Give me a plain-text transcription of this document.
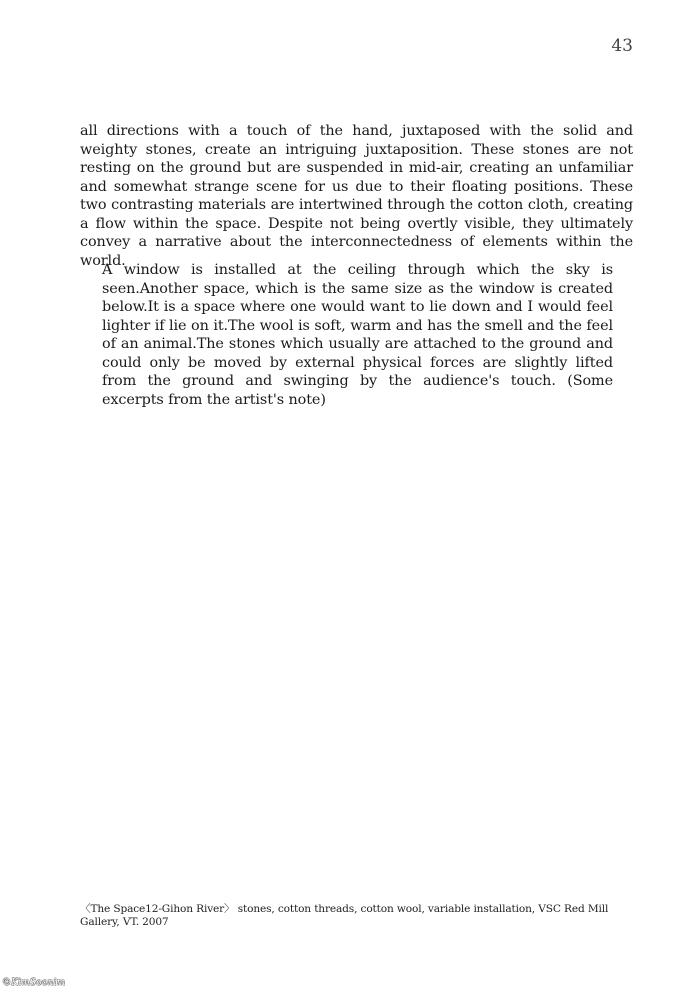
43

all directions with a touch of the hand, juxtaposed with the solid and weighty stones, create an intriguing juxtaposition. These stones are not resting on the ground but are suspended in mid-air, creating an unfamiliar and somewhat strange scene for us due to their floating positions. These two contrasting materials are intertwined through the cotton cloth, creating a flow within the space. Despite not being overtly visible, they ultimately convey a narrative about the interconnectedness of elements within the world.

A window is installed at the ceiling through which the sky is seen.Another space, which is the same size as the window is created below.It is a space where one would want to lie down and I would feel lighter if lie on it.The wool is soft, warm and has the smell and the feel of an animal.The stones which usually are attached to the ground and could only be moved by external physical forces are slightly lifted from the ground and swinging by the audience's touch. (Some excerpts from the artist's note)

〈The Space12-Gihon River〉 stones, cotton threads, cotton wool, variable installation, VSC Red Mill Gallery, VT. 2007

©KimSoonim
